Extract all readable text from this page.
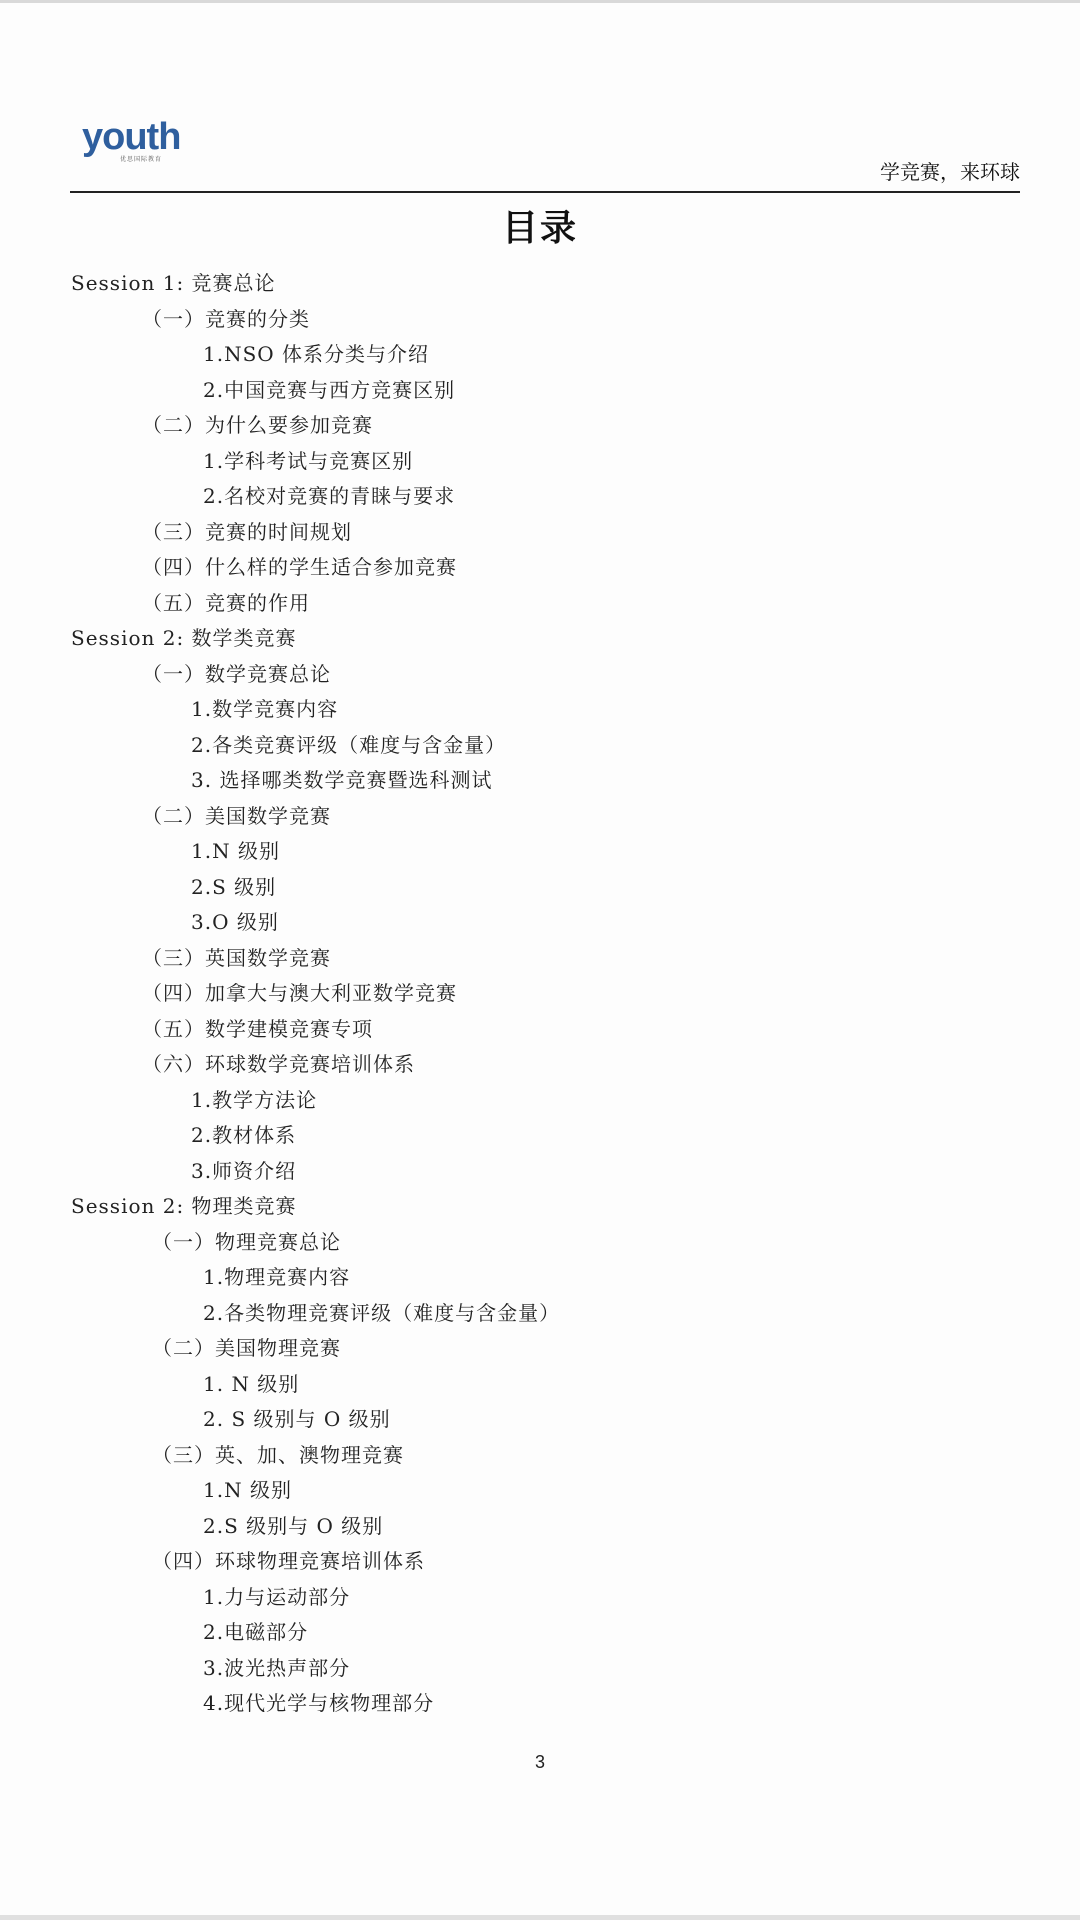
youth
优思国际教育
学竞赛，来环球
目录
Session 1: 竞赛总论
（一）竞赛的分类
1.NSO 体系分类与介绍
2.中国竞赛与西方竞赛区别
（二）为什么要参加竞赛
1.学科考试与竞赛区别
2.名校对竞赛的青睐与要求
（三）竞赛的时间规划
（四）什么样的学生适合参加竞赛
（五）竞赛的作用
Session 2: 数学类竞赛
（一）数学竞赛总论
1.数学竞赛内容
2.各类竞赛评级（难度与含金量）
3. 选择哪类数学竞赛暨选科测试
（二）美国数学竞赛
1.N 级别
2.S 级别
3.O 级别
（三）英国数学竞赛
（四）加拿大与澳大利亚数学竞赛
（五）数学建模竞赛专项
（六）环球数学竞赛培训体系
1.教学方法论
2.教材体系
3.师资介绍
Session 2: 物理类竞赛
（一）物理竞赛总论
1.物理竞赛内容
2.各类物理竞赛评级（难度与含金量）
（二）美国物理竞赛
1. N 级别
2. S 级别与 O 级别
（三）英、加、澳物理竞赛
1.N 级别
2.S 级别与 O 级别
（四）环球物理竞赛培训体系
1.力与运动部分
2.电磁部分
3.波光热声部分
4.现代光学与核物理部分
3
